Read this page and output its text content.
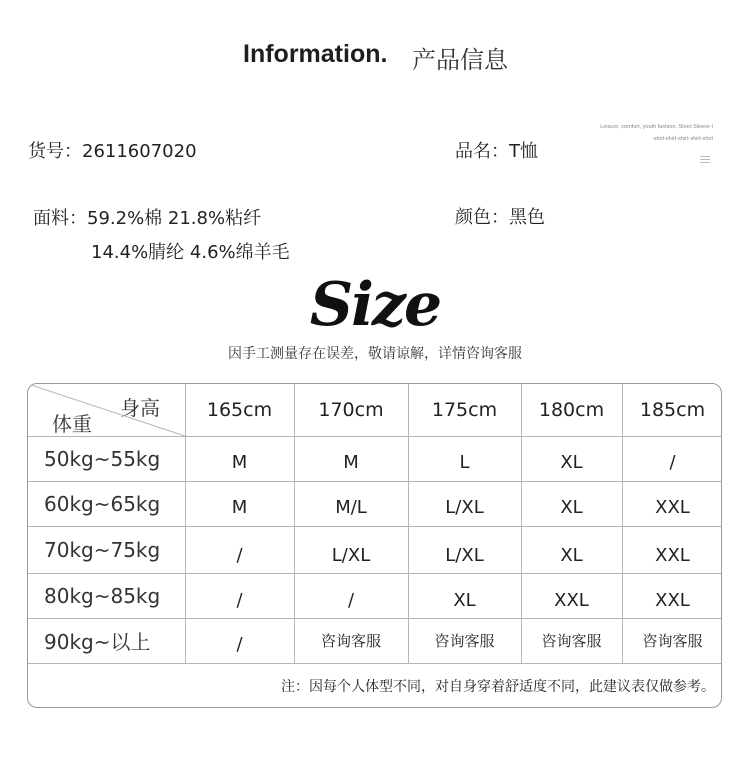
Information. 产品信息
货号：2611607020	品名：T恤
Leisure, comfort, youth fashion, Short Sleeve t
-shirt-shirt-shirt-shirt-shirt
面料：59.2%棉 21.8%粘纤
14.4%腈纶 4.6%绵羊毛
颜色：黑色
Size
因手工测量存在误差，敬请谅解，详情咨询客服
身高
体重
165cm	170cm	175cm	180cm	185cm
50kg~55kg	M	M	L	XL	/
60kg~65kg	M	M/L	L/XL	XL	XXL
70kg~75kg	/	L/XL	L/XL	XL	XXL
80kg~85kg	/	/	XL	XXL	XXL
90kg~以上	/	咨询客服	咨询客服	咨询客服	咨询客服
注：因每个人体型不同，对自身穿着舒适度不同，此建议表仅做参考。
